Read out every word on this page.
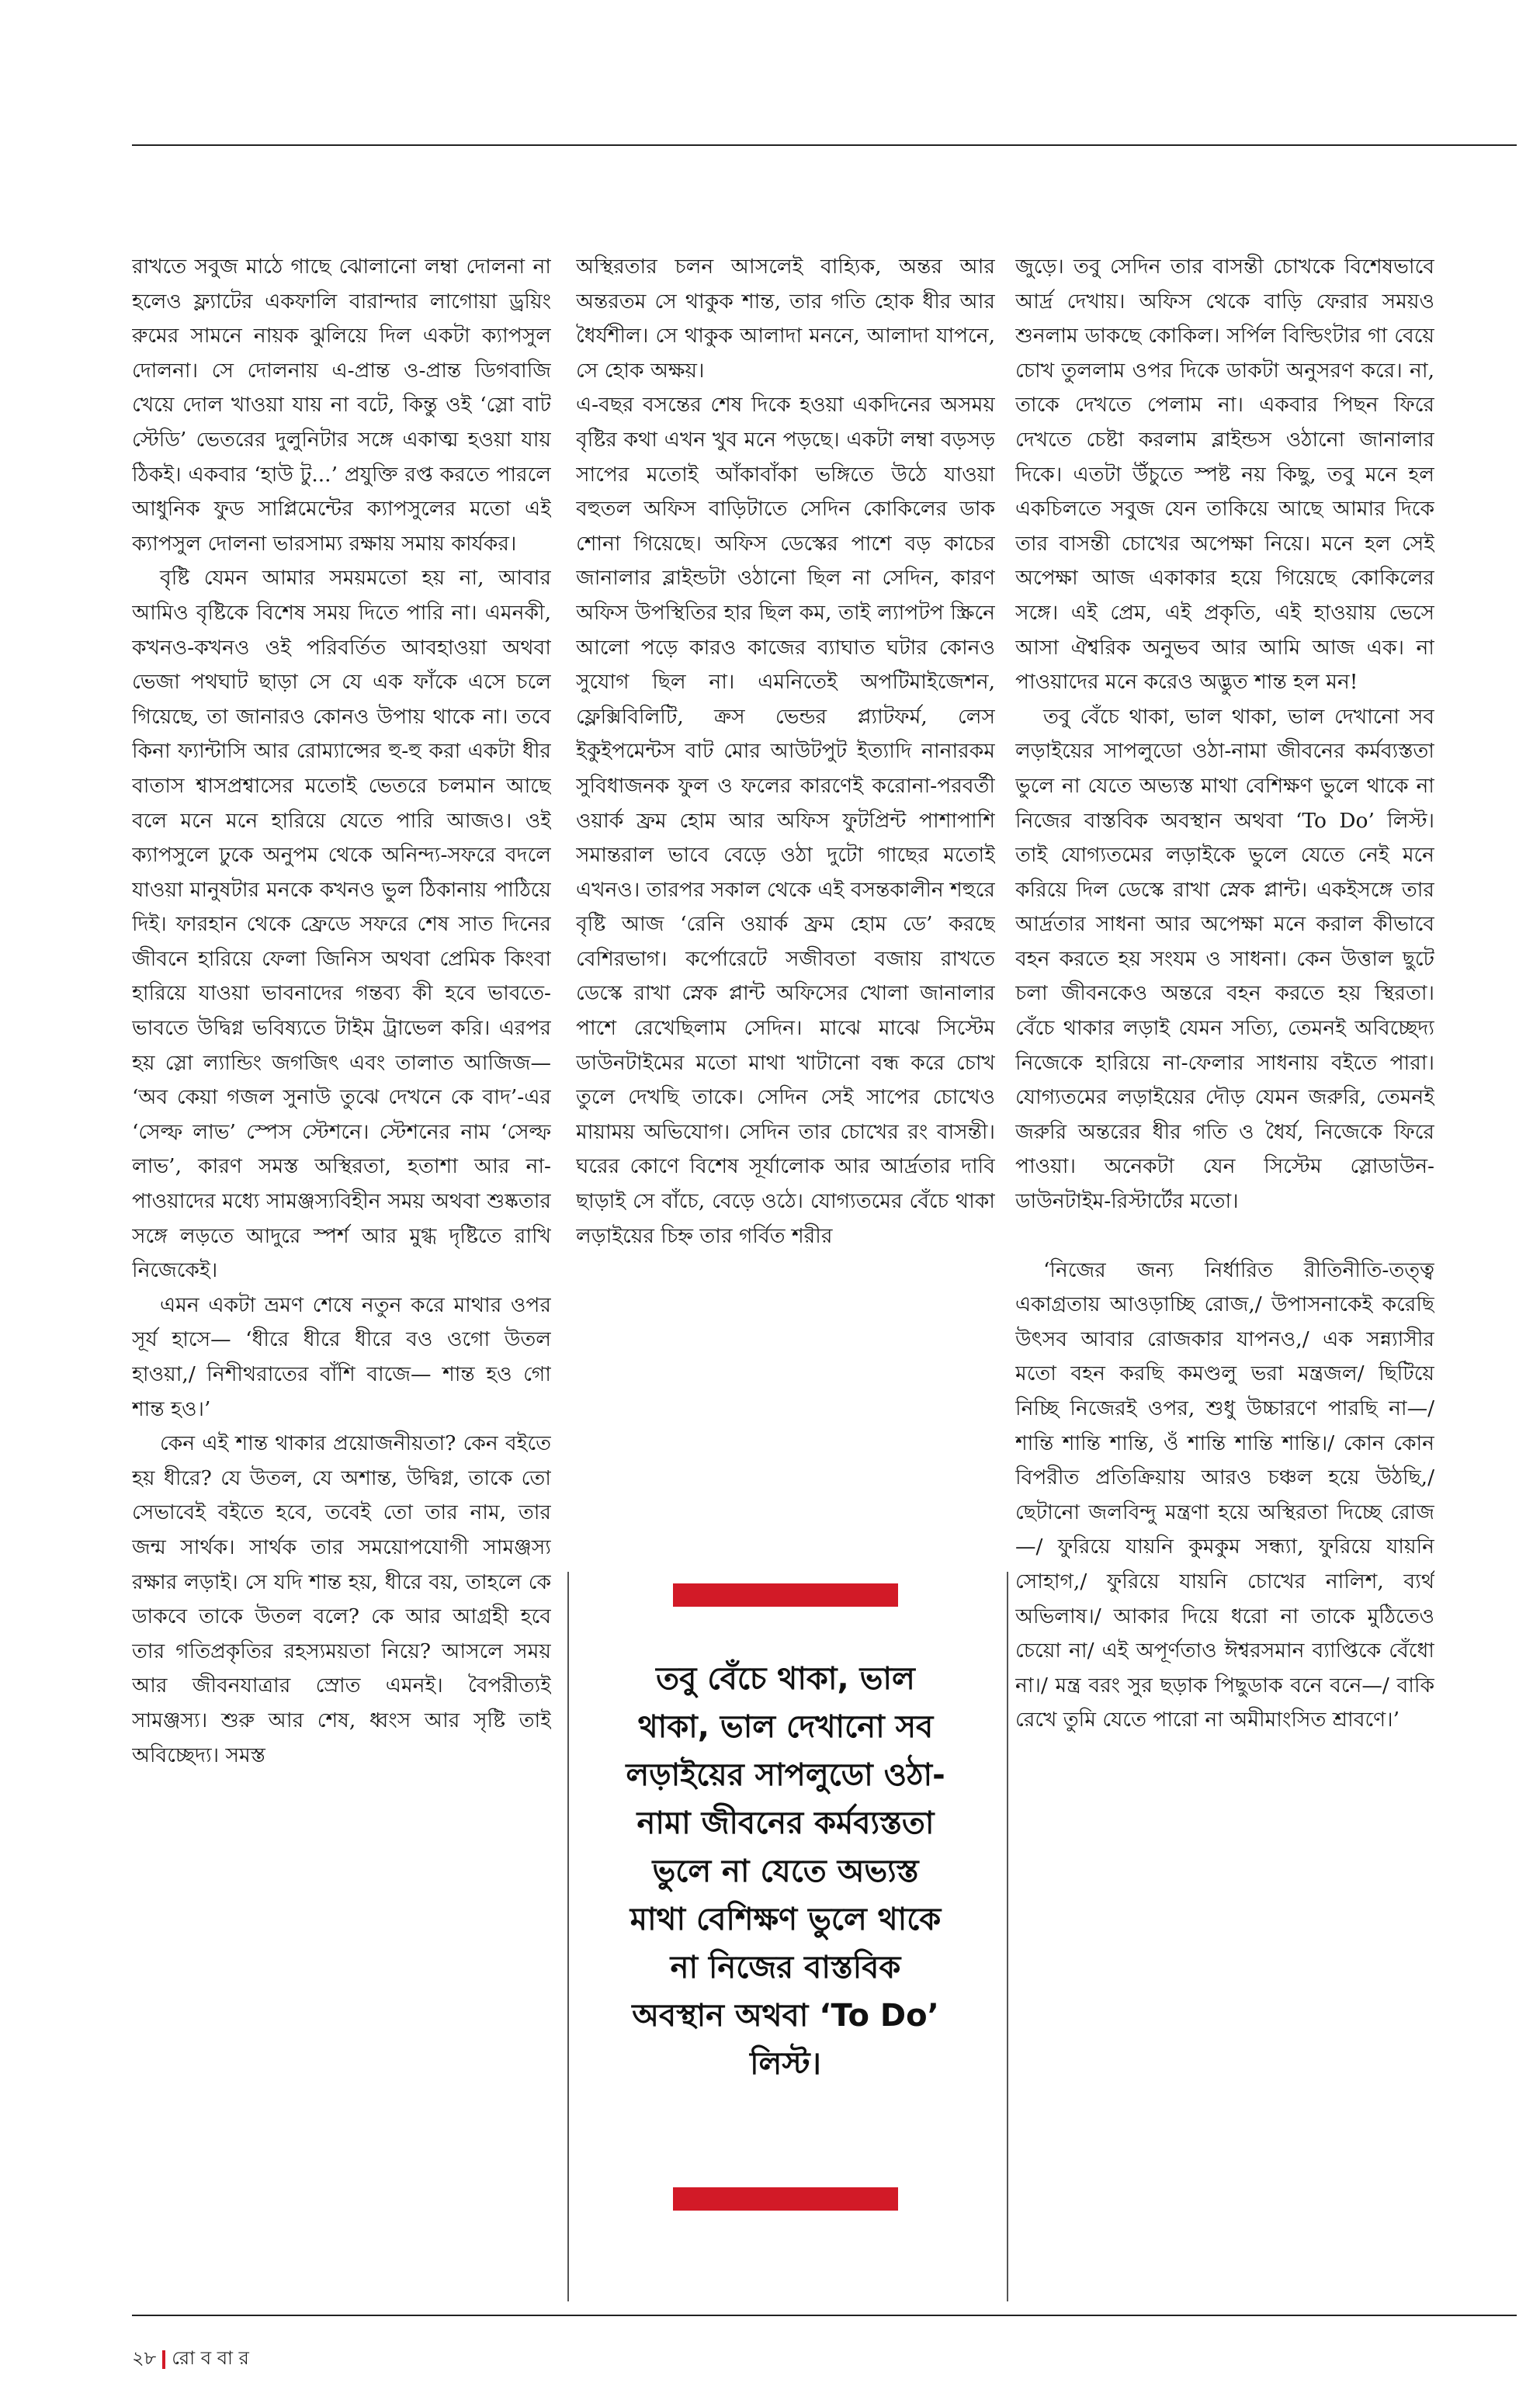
রাখতে সবুজ মাঠে গাছে ঝোলানো লম্বা দোলনা না হলেও ফ্ল্যাটের একফালি বারান্দার লাগোয়া ড্রয়িং রুমের সামনে নায়ক ঝুলিয়ে দিল একটা ক্যাপসুল দোলনা। সে দোলনায় এ-প্রান্ত ও-প্রান্ত ডিগবাজি খেয়ে দোল খাওয়া যায় না বটে, কিন্তু ওই ‘স্লো বাট স্টেডি’ ভেতরের দুলুনিটার সঙ্গে একাত্ম হওয়া যায় ঠিকই। একবার ‘হাউ টু...’ প্রযুক্তি রপ্ত করতে পারলে আধুনিক ফুড সাপ্লিমেন্টের ক্যাপসুলের মতো এই ক্যাপসুল দোলনা ভারসাম্য রক্ষায় সমায় কার্যকর।

বৃষ্টি যেমন আমার সময়মতো হয় না, আবার আমিও বৃষ্টিকে বিশেষ সময় দিতে পারি না। এমনকী, কখনও-কখনও ওই পরিবর্তিত আবহাওয়া অথবা ভেজা পথঘাট ছাড়া সে যে এক ফাঁকে এসে চলে গিয়েছে, তা জানারও কোনও উপায় থাকে না। তবে কিনা ফ্যান্টাসি আর রোম্যান্সের হু-হু করা একটা ধীর বাতাস শ্বাসপ্রশ্বাসের মতোই ভেতরে চলমান আছে বলে মনে মনে হারিয়ে যেতে পারি আজও। ওই ক্যাপসুলে ঢুকে অনুপম থেকে অনিন্দ্য-সফরে বদলে যাওয়া মানুষটার মনকে কখনও ভুল ঠিকানায় পাঠিয়ে দিই। ফারহান থেকে ফ্রেডে সফরে শেষ সাত দিনের জীবনে হারিয়ে ফেলা জিনিস অথবা প্রেমিক কিংবা হারিয়ে যাওয়া ভাবনাদের গন্তব্য কী হবে ভাবতে-ভাবতে উদ্বিগ্ন ভবিষ্যতে টাইম ট্রাভেল করি। এরপর হয় স্লো ল্যান্ডিং জগজিৎ এবং তালাত আজিজ— ‘অব কেয়া গজল সুনাউ তুঝে দেখনে কে বাদ’-এর ‘সেল্ফ লাভ’ স্পেস স্টেশনে। স্টেশনের নাম ‘সেল্ফ লাভ’, কারণ সমস্ত অস্থিরতা, হতাশা আর না-পাওয়াদের মধ্যে সামঞ্জস্যবিহীন সময় অথবা শুষ্কতার সঙ্গে লড়তে আদুরে স্পর্শ আর মুগ্ধ দৃষ্টিতে রাখি নিজেকেই।

এমন একটা ভ্রমণ শেষে নতুন করে মাথার ওপর সূর্য হাসে— ‘ধীরে ধীরে ধীরে বও ওগো উতল হাওয়া,/ নিশীথরাতের বাঁশি বাজে— শান্ত হও গো শান্ত হও।’

কেন এই শান্ত থাকার প্রয়োজনীয়তা? কেন বইতে হয় ধীরে? যে উতল, যে অশান্ত, উদ্বিগ্ন, তাকে তো সেভাবেই বইতে হবে, তবেই তো তার নাম, তার জন্ম সার্থক। সার্থক তার সময়োপযোগী সামঞ্জস্য রক্ষার লড়াই। সে যদি শান্ত হয়, ধীরে বয়, তাহলে কে ডাকবে তাকে উতল বলে? কে আর আগ্রহী হবে তার গতিপ্রকৃতির রহস্যময়তা নিয়ে? আসলে সময় আর জীবনযাত্রার স্রোত এমনই। বৈপরীত্যই সামঞ্জস্য। শুরু আর শেষ, ধ্বংস আর সৃষ্টি তাই অবিচ্ছেদ্য। সমস্ত

অস্থিরতার চলন আসলেই বাহ্যিক, অন্তর আর অন্তরতম সে থাকুক শান্ত, তার গতি হোক ধীর আর ধৈর্যশীল। সে থাকুক আলাদা মননে, আলাদা যাপনে, সে হোক অক্ষয়।

এ-বছর বসন্তের শেষ দিকে হওয়া একদিনের অসময় বৃষ্টির কথা এখন খুব মনে পড়ছে। একটা লম্বা বড়সড় সাপের মতোই আঁকাবাঁকা ভঙ্গিতে উঠে যাওয়া বহুতল অফিস বাড়িটাতে সেদিন কোকিলের ডাক শোনা গিয়েছে। অফিস ডেস্কের পাশে বড় কাচের জানালার ব্লাইন্ডটা ওঠানো ছিল না সেদিন, কারণ অফিস উপস্থিতির হার ছিল কম, তাই ল্যাপটপ স্ক্রিনে আলো পড়ে কারও কাজের ব্যাঘাত ঘটার কোনও সুযোগ ছিল না। এমনিতেই অপটিমাইজেশন, ফ্লেক্সিবিলিটি, ক্রস ভেন্ডর প্ল্যাটফর্ম, লেস ইকুইপমেন্টস বাট মোর আউটপুট ইত্যাদি নানারকম সুবিধাজনক ফুল ও ফলের কারণেই করোনা-পরবর্তী ওয়ার্ক ফ্রম হোম আর অফিস ফুটপ্রিন্ট পাশাপাশি সমান্তরাল ভাবে বেড়ে ওঠা দুটো গাছের মতোই এখনও। তারপর সকাল থেকে এই বসন্তকালীন শহুরে বৃষ্টি আজ ‘রেনি ওয়ার্ক ফ্রম হোম ডে’ করছে বেশিরভাগ। কর্পোরেটে সজীবতা বজায় রাখতে ডেস্কে রাখা স্নেক প্লান্ট অফিসের খোলা জানালার পাশে রেখেছিলাম সেদিন। মাঝে মাঝে সিস্টেম ডাউনটাইমের মতো মাথা খাটানো বন্ধ করে চোখ তুলে দেখছি তাকে। সেদিন সেই সাপের চোখেও মায়াময় অভিযোগ। সেদিন তার চোখের রং বাসন্তী। ঘরের কোণে বিশেষ সূর্যালোক আর আর্দ্রতার দাবি ছাড়াই সে বাঁচে, বেড়ে ওঠে। যোগ্যতমের বেঁচে থাকা লড়াইয়ের চিহ্ন তার গর্বিত শরীর

জুড়ে। তবু সেদিন তার বাসন্তী চোখকে বিশেষভাবে আর্দ্র দেখায়। অফিস থেকে বাড়ি ফেরার সময়ও শুনলাম ডাকছে কোকিল। সর্পিল বিল্ডিংটার গা বেয়ে চোখ তুললাম ওপর দিকে ডাকটা অনুসরণ করে। না, তাকে দেখতে পেলাম না। একবার পিছন ফিরে দেখতে চেষ্টা করলাম ব্লাইন্ডস ওঠানো জানালার দিকে। এতটা উঁচুতে স্পষ্ট নয় কিছু, তবু মনে হল একচিলতে সবুজ যেন তাকিয়ে আছে আমার দিকে তার বাসন্তী চোখের অপেক্ষা নিয়ে। মনে হল সেই অপেক্ষা আজ একাকার হয়ে গিয়েছে কোকিলের সঙ্গে। এই প্রেম, এই প্রকৃতি, এই হাওয়ায় ভেসে আসা ঐশ্বরিক অনুভব আর আমি আজ এক। না পাওয়াদের মনে করেও অদ্ভুত শান্ত হল মন!

তবু বেঁচে থাকা, ভাল থাকা, ভাল দেখানো সব লড়াইয়ের সাপলুডো ওঠা-নামা জীবনের কর্মব্যস্ততা ভুলে না যেতে অভ্যস্ত মাথা বেশিক্ষণ ভুলে থাকে না নিজের বাস্তবিক অবস্থান অথবা ‘To Do’ লিস্ট। তাই যোগ্যতমের লড়াইকে ভুলে যেতে নেই মনে করিয়ে দিল ডেস্কে রাখা স্নেক প্লান্ট। একইসঙ্গে তার আর্দ্রতার সাধনা আর অপেক্ষা মনে করাল কীভাবে বহন করতে হয় সংযম ও সাধনা। কেন উত্তাল ছুটে চলা জীবনকেও অন্তরে বহন করতে হয় স্থিরতা। বেঁচে থাকার লড়াই যেমন সত্যি, তেমনই অবিচ্ছেদ্য নিজেকে হারিয়ে না-ফেলার সাধনায় বইতে পারা। যোগ্যতমের লড়াইয়ের দৌড় যেমন জরুরি, তেমনই জরুরি অন্তরের ধীর গতি ও ধৈর্য, নিজেকে ফিরে পাওয়া। অনেকটা যেন সিস্টেম স্লোডাউন-ডাউনটাইম-রিস্টার্টের মতো।

‘নিজের জন্য নির্ধারিত রীতিনীতি-তত্ত্ব একাগ্রতায় আওড়াচ্ছি রোজ,/ উপাসনাকেই করেছি উৎসব আবার রোজকার যাপনও,/ এক সন্ন্যাসীর মতো বহন করছি কমণ্ডলু ভরা মন্ত্রজল/ ছিটিয়ে নিচ্ছি নিজেরই ওপর, শুধু উচ্চারণে পারছি না—/ শান্তি শান্তি শান্তি, ওঁ শান্তি শান্তি শান্তি।/ কোন কোন বিপরীত প্রতিক্রিয়ায় আরও চঞ্চল হয়ে উঠছি,/ ছেটানো জলবিন্দু মন্ত্রণা হয়ে অস্থিরতা দিচ্ছে রোজ—/ ফুরিয়ে যায়নি কুমকুম সন্ধ্যা, ফুরিয়ে যায়নি সোহাগ,/ ফুরিয়ে যায়নি চোখের নালিশ, ব্যর্থ অভিলাষ।/ আকার দিয়ে ধরো না তাকে মুঠিতেও চেয়ো না/ এই অপূর্ণতাও ঈশ্বরসমান ব্যাপ্তিকে বেঁধো না।/ মন্ত্র বরং সুর ছড়াক পিছুডাক বনে বনে—/ বাকি রেখে তুমি যেতে পারো না অমীমাংসিত শ্রাবণে।’

তবু বেঁচে থাকা, ভাল থাকা, ভাল দেখানো সব লড়াইয়ের সাপলুডো ওঠা-নামা জীবনের কর্মব্যস্ততা ভুলে না যেতে অভ্যস্ত মাথা বেশিক্ষণ ভুলে থাকে না নিজের বাস্তবিক অবস্থান অথবা ‘To Do’ লিস্ট।
২৮ রো ব বা র
